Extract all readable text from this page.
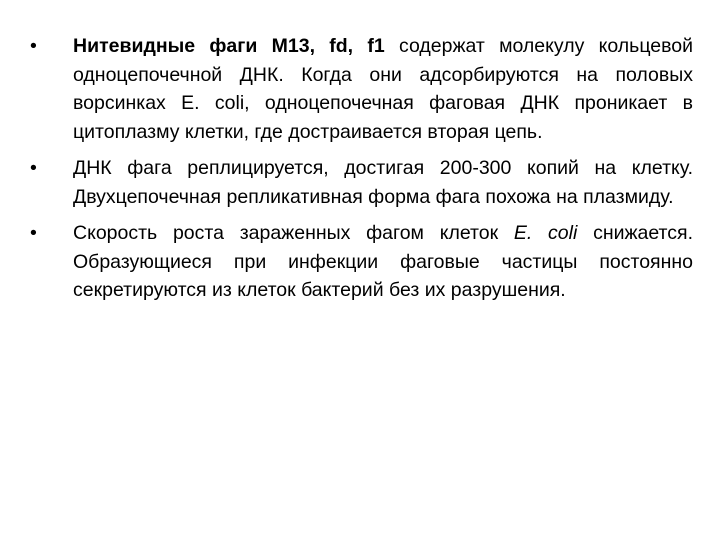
•	Нитевидные фаги M13, fd, f1 содержат молекулу кольцевой одноцепочечной ДНК. Когда они адсорбируются на половых ворсинках E. coli, одноцепочечная фаговая ДНК проникает в цитоплазму клетки, где достраивается вторая цепь.
•	ДНК фага реплицируется, достигая 200-300 копий на клетку. Двухцепочечная репликативная форма фага похожа на плазмиду.
•	Скорость роста зараженных фагом клеток E. coli снижается. Образующиеся при инфекции фаговые частицы постоянно секретируются из клеток бактерий без их разрушения.
